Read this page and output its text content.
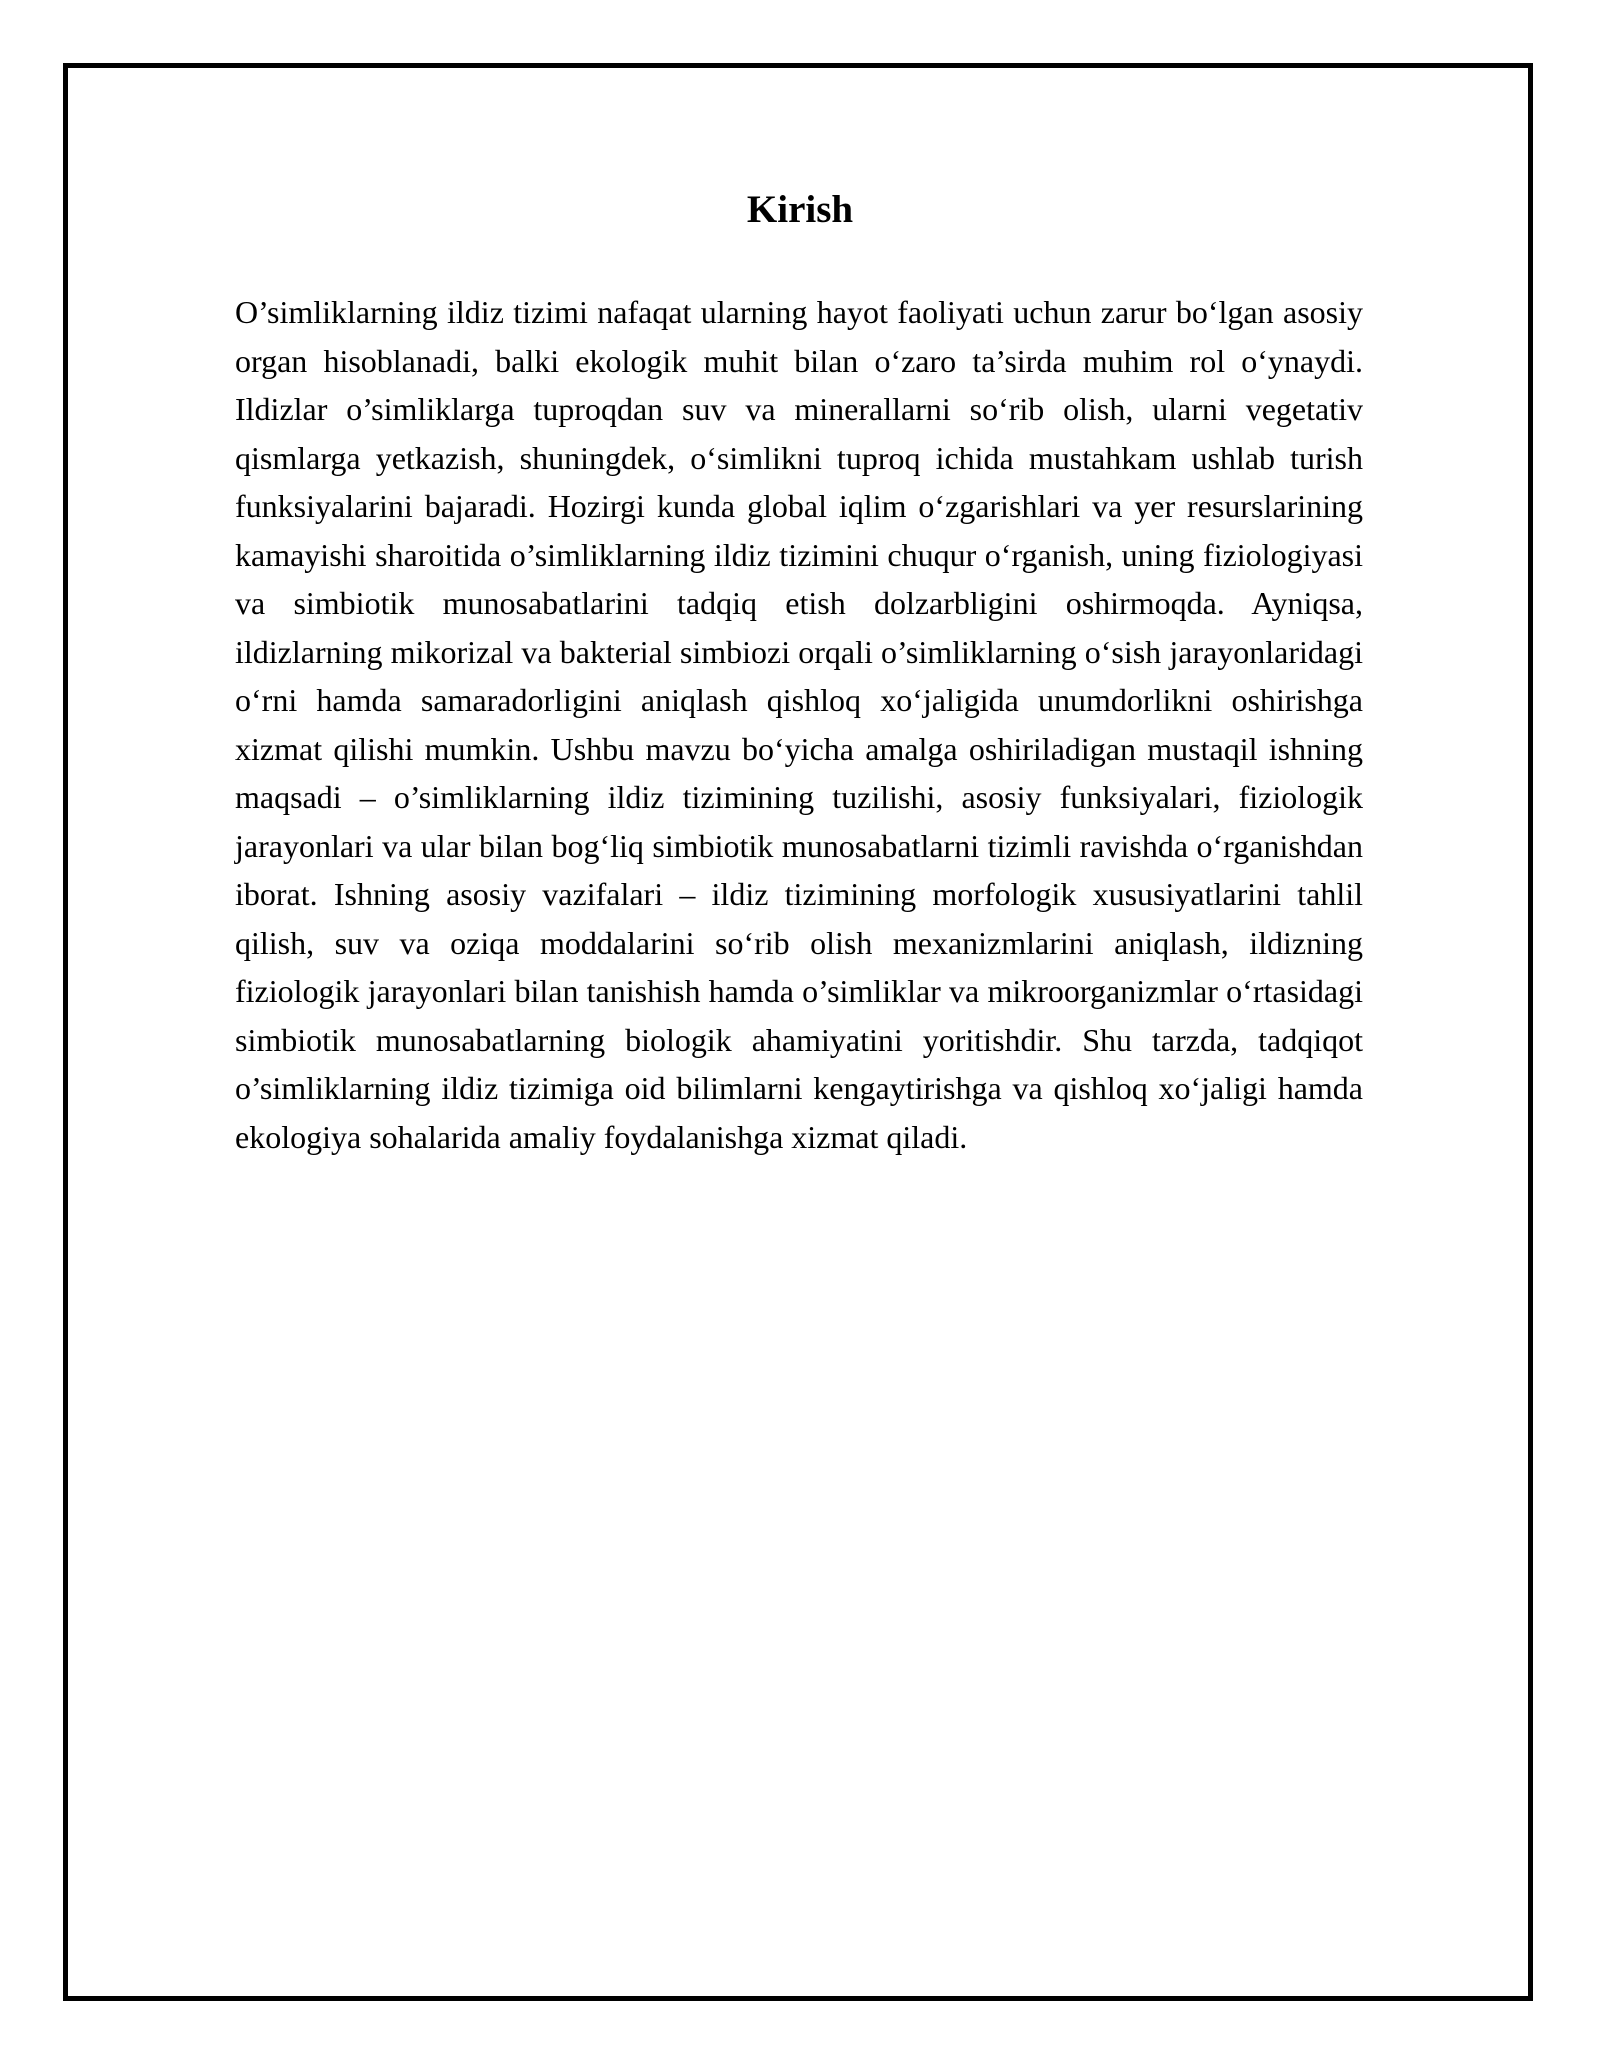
Kirish

O’simliklarning ildiz tizimi nafaqat ularning hayot faoliyati uchun zarur bo‘lgan asosiy organ hisoblanadi, balki ekologik muhit bilan o‘zaro ta’sirda muhim rol o‘ynaydi. Ildizlar o’simliklarga tuproqdan suv va minerallarni so‘rib olish, ularni vegetativ qismlarga yetkazish, shuningdek, o‘simlikni tuproq ichida mustahkam ushlab turish funksiyalarini bajaradi. Hozirgi kunda global iqlim o‘zgarishlari va yer resurslarining kamayishi sharoitida o’simliklarning ildiz tizimini chuqur o‘rganish, uning fiziologiyasi va simbiotik munosabatlarini tadqiq etish dolzarbligini oshirmoqda. Ayniqsa, ildizlarning mikorizal va bakterial simbiozi orqali o’simliklarning o‘sish jarayonlaridagi o‘rni hamda samaradorligini aniqlash qishloq xo‘jaligida unumdorlikni oshirishga xizmat qilishi mumkin. Ushbu mavzu bo‘yicha amalga oshiriladigan mustaqil ishning maqsadi – o’simliklarning ildiz tizimining tuzilishi, asosiy funksiyalari, fiziologik jarayonlari va ular bilan bog‘liq simbiotik munosabatlarni tizimli ravishda o‘rganishdan iborat. Ishning asosiy vazifalari – ildiz tizimining morfologik xususiyatlarini tahlil qilish, suv va oziqa moddalarini so‘rib olish mexanizmlarini aniqlash, ildizning fiziologik jarayonlari bilan tanishish hamda o’simliklar va mikroorganizmlar o‘rtasidagi simbiotik munosabatlarning biologik ahamiyatini yoritishdir. Shu tarzda, tadqiqot o’simliklarning ildiz tizimiga oid bilimlarni kengaytirishga va qishloq xo‘jaligi hamda ekologiya sohalarida amaliy foydalanishga xizmat qiladi.
